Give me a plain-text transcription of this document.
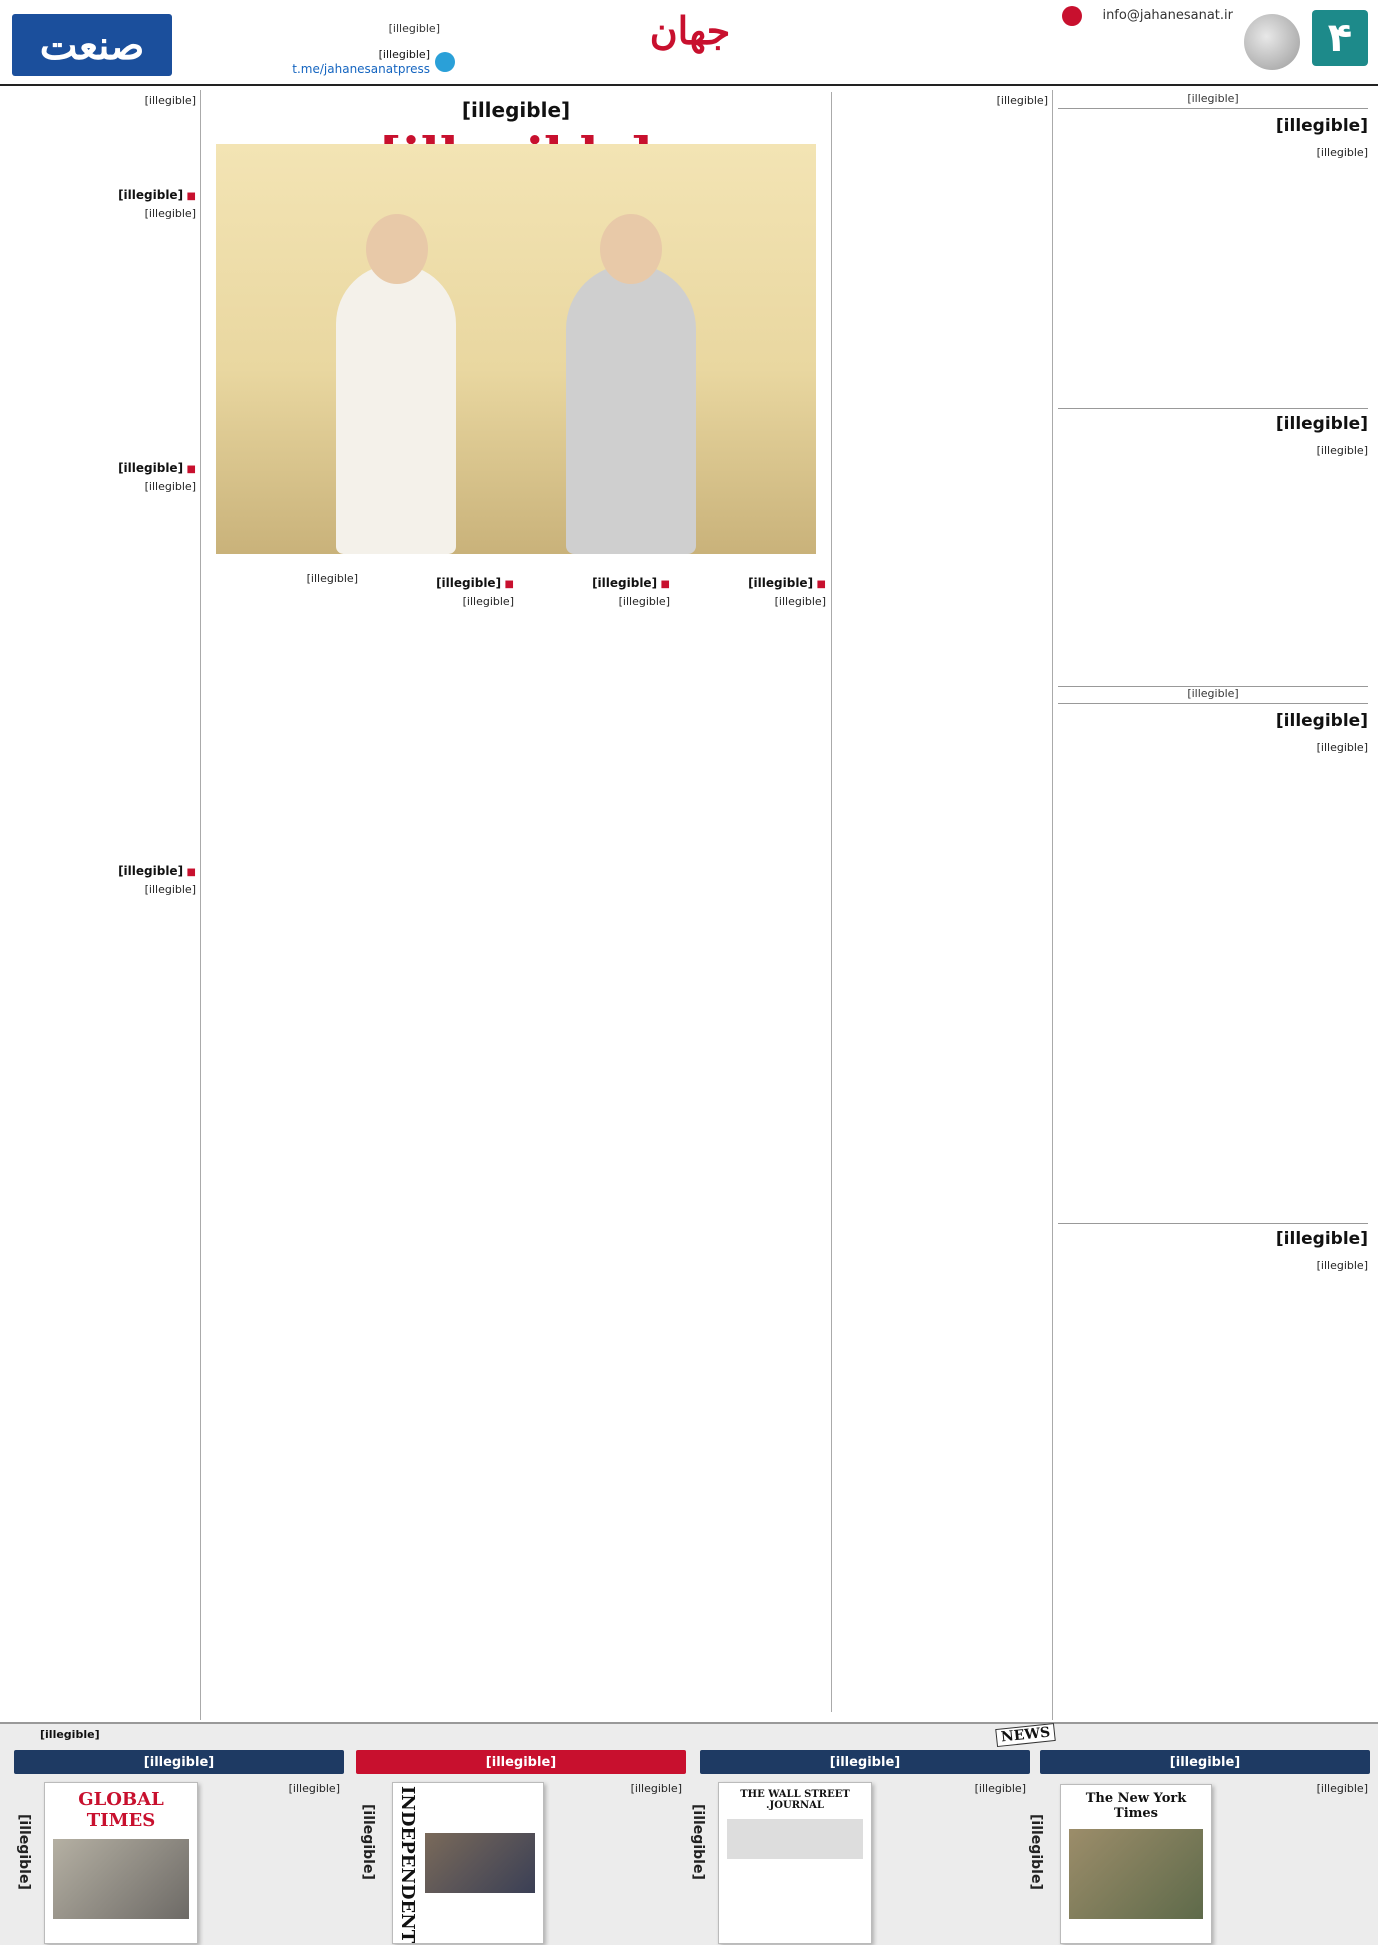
۴
info@jahanesanat.ir
جهان
[illegible]
[illegible]
t.me/jahanesanatpress
صنعت
[illegible]
[illegible]
[illegible]
[illegible]
[illegible]
[illegible]
[illegible]
[illegible]
[illegible]
[illegible]
[illegible]
[illegible]
■ [illegible]
[illegible]
■ [illegible]
[illegible]
■ [illegible]
[illegible]
[illegible]
[illegible]
■ [illegible]
[illegible]
■ [illegible]
[illegible]
■ [illegible]
[illegible]
[illegible]	NEWS
[illegible]
[illegible]
The New York Times
[illegible]
[illegible]
[illegible]
THE WALL STREET JOURNAL.
[illegible]
[illegible]
[illegible]
INDEPENDENT
[illegible]
[illegible]
[illegible]
GLOBAL TIMES
[illegible]
